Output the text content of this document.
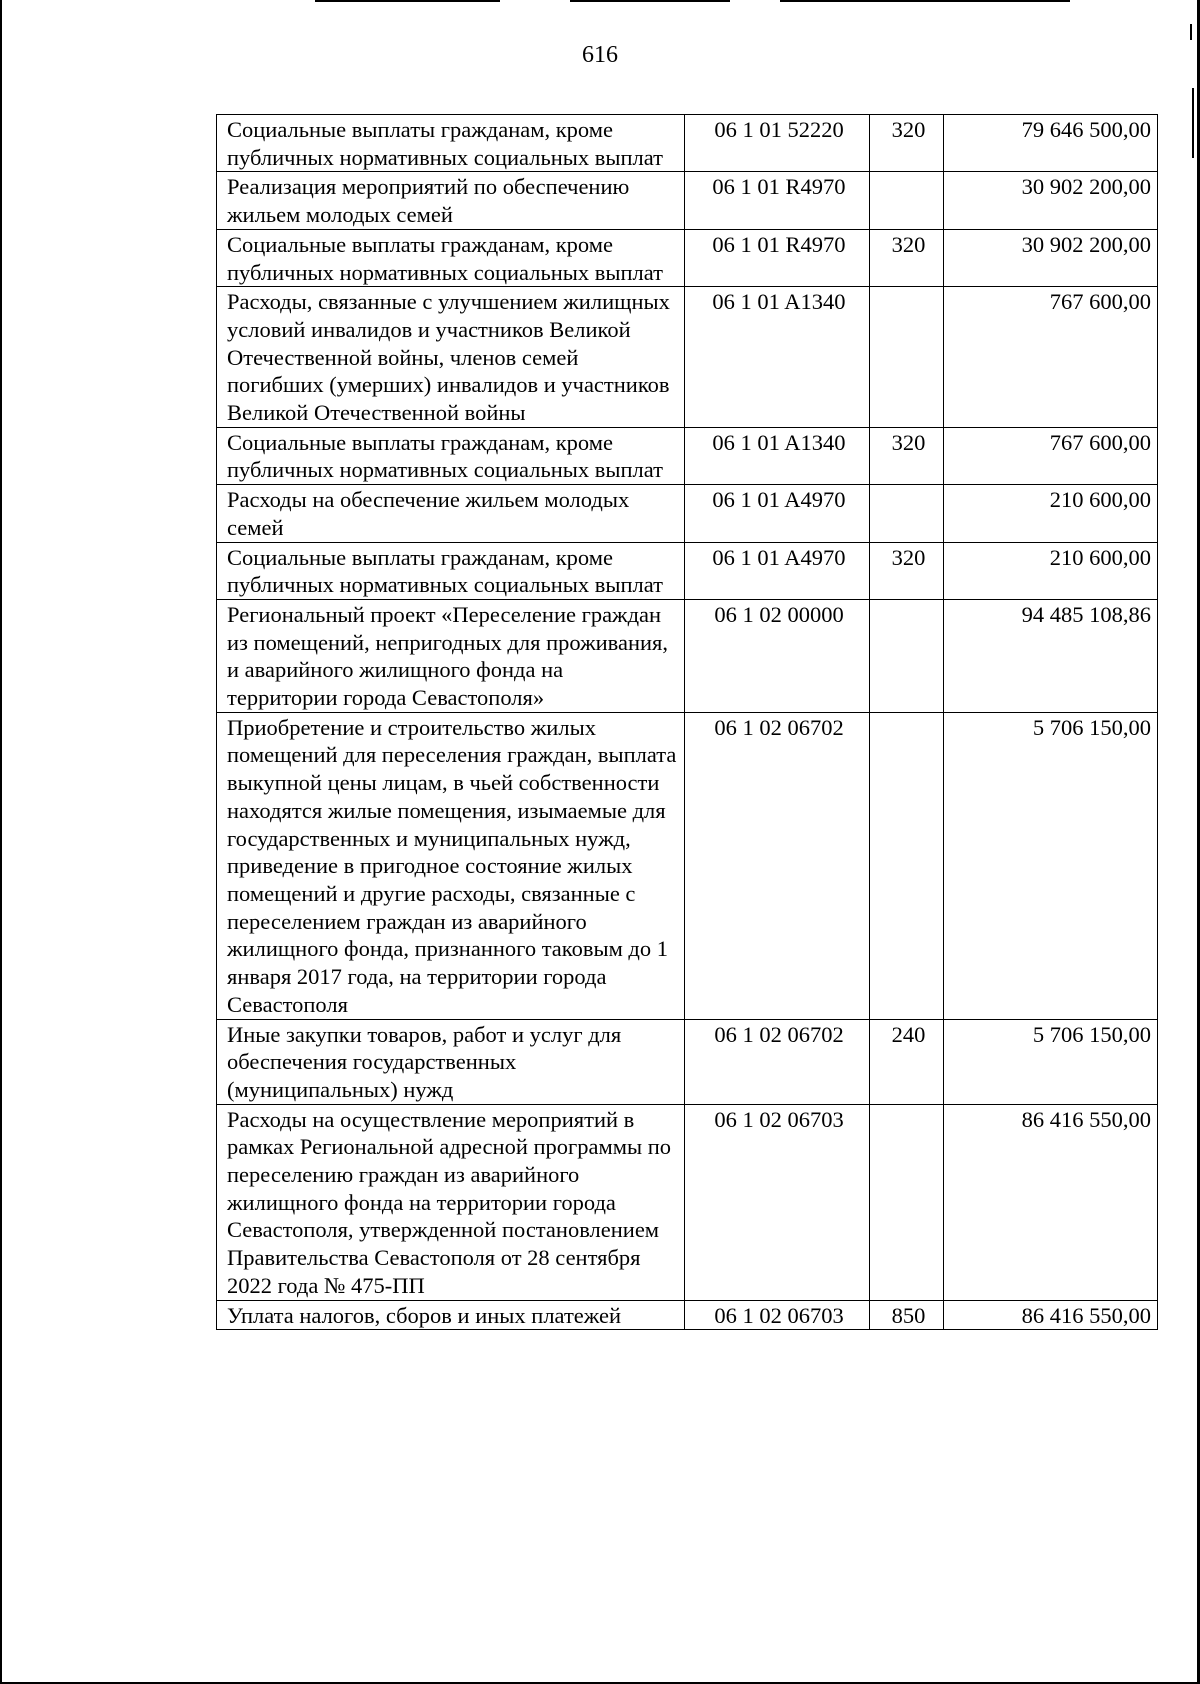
616
Социальные выплаты гражданам, кроме публичных нормативных социальных выплат	06 1 01 52220	320	79 646 500,00
Реализация мероприятий по обеспечению жильем молодых семей	06 1 01 R4970		30 902 200,00
Социальные выплаты гражданам, кроме публичных нормативных социальных выплат	06 1 01 R4970	320	30 902 200,00
Расходы, связанные с улучшением жилищных условий инвалидов и участников Великой Отечественной войны, членов семей погибших (умерших) инвалидов и участников Великой Отечественной войны	06 1 01 A1340		767 600,00
Социальные выплаты гражданам, кроме публичных нормативных социальных выплат	06 1 01 A1340	320	767 600,00
Расходы на обеспечение жильем молодых семей	06 1 01 A4970		210 600,00
Социальные выплаты гражданам, кроме публичных нормативных социальных выплат	06 1 01 A4970	320	210 600,00
Региональный проект «Переселение граждан из помещений, непригодных для проживания, и аварийного жилищного фонда на территории города Севастополя»	06 1 02 00000		94 485 108,86
Приобретение и строительство жилых помещений для переселения граждан, выплата выкупной цены лицам, в чьей собственности находятся жилые помещения, изымаемые для государственных и муниципальных нужд, приведение в пригодное состояние жилых помещений и другие расходы, связанные с переселением граждан из аварийного жилищного фонда, признанного таковым до 1 января 2017 года, на территории города Севастополя	06 1 02 06702		5 706 150,00
Иные закупки товаров, работ и услуг для обеспечения государственных (муниципальных) нужд	06 1 02 06702	240	5 706 150,00
Расходы на осуществление мероприятий в рамках Региональной адресной программы по переселению граждан из аварийного жилищного фонда на территории города Севастополя, утвержденной постановлением Правительства Севастополя от 28 сентября 2022 года № 475-ПП	06 1 02 06703		86 416 550,00
Уплата налогов, сборов и иных платежей	06 1 02 06703	850	86 416 550,00
